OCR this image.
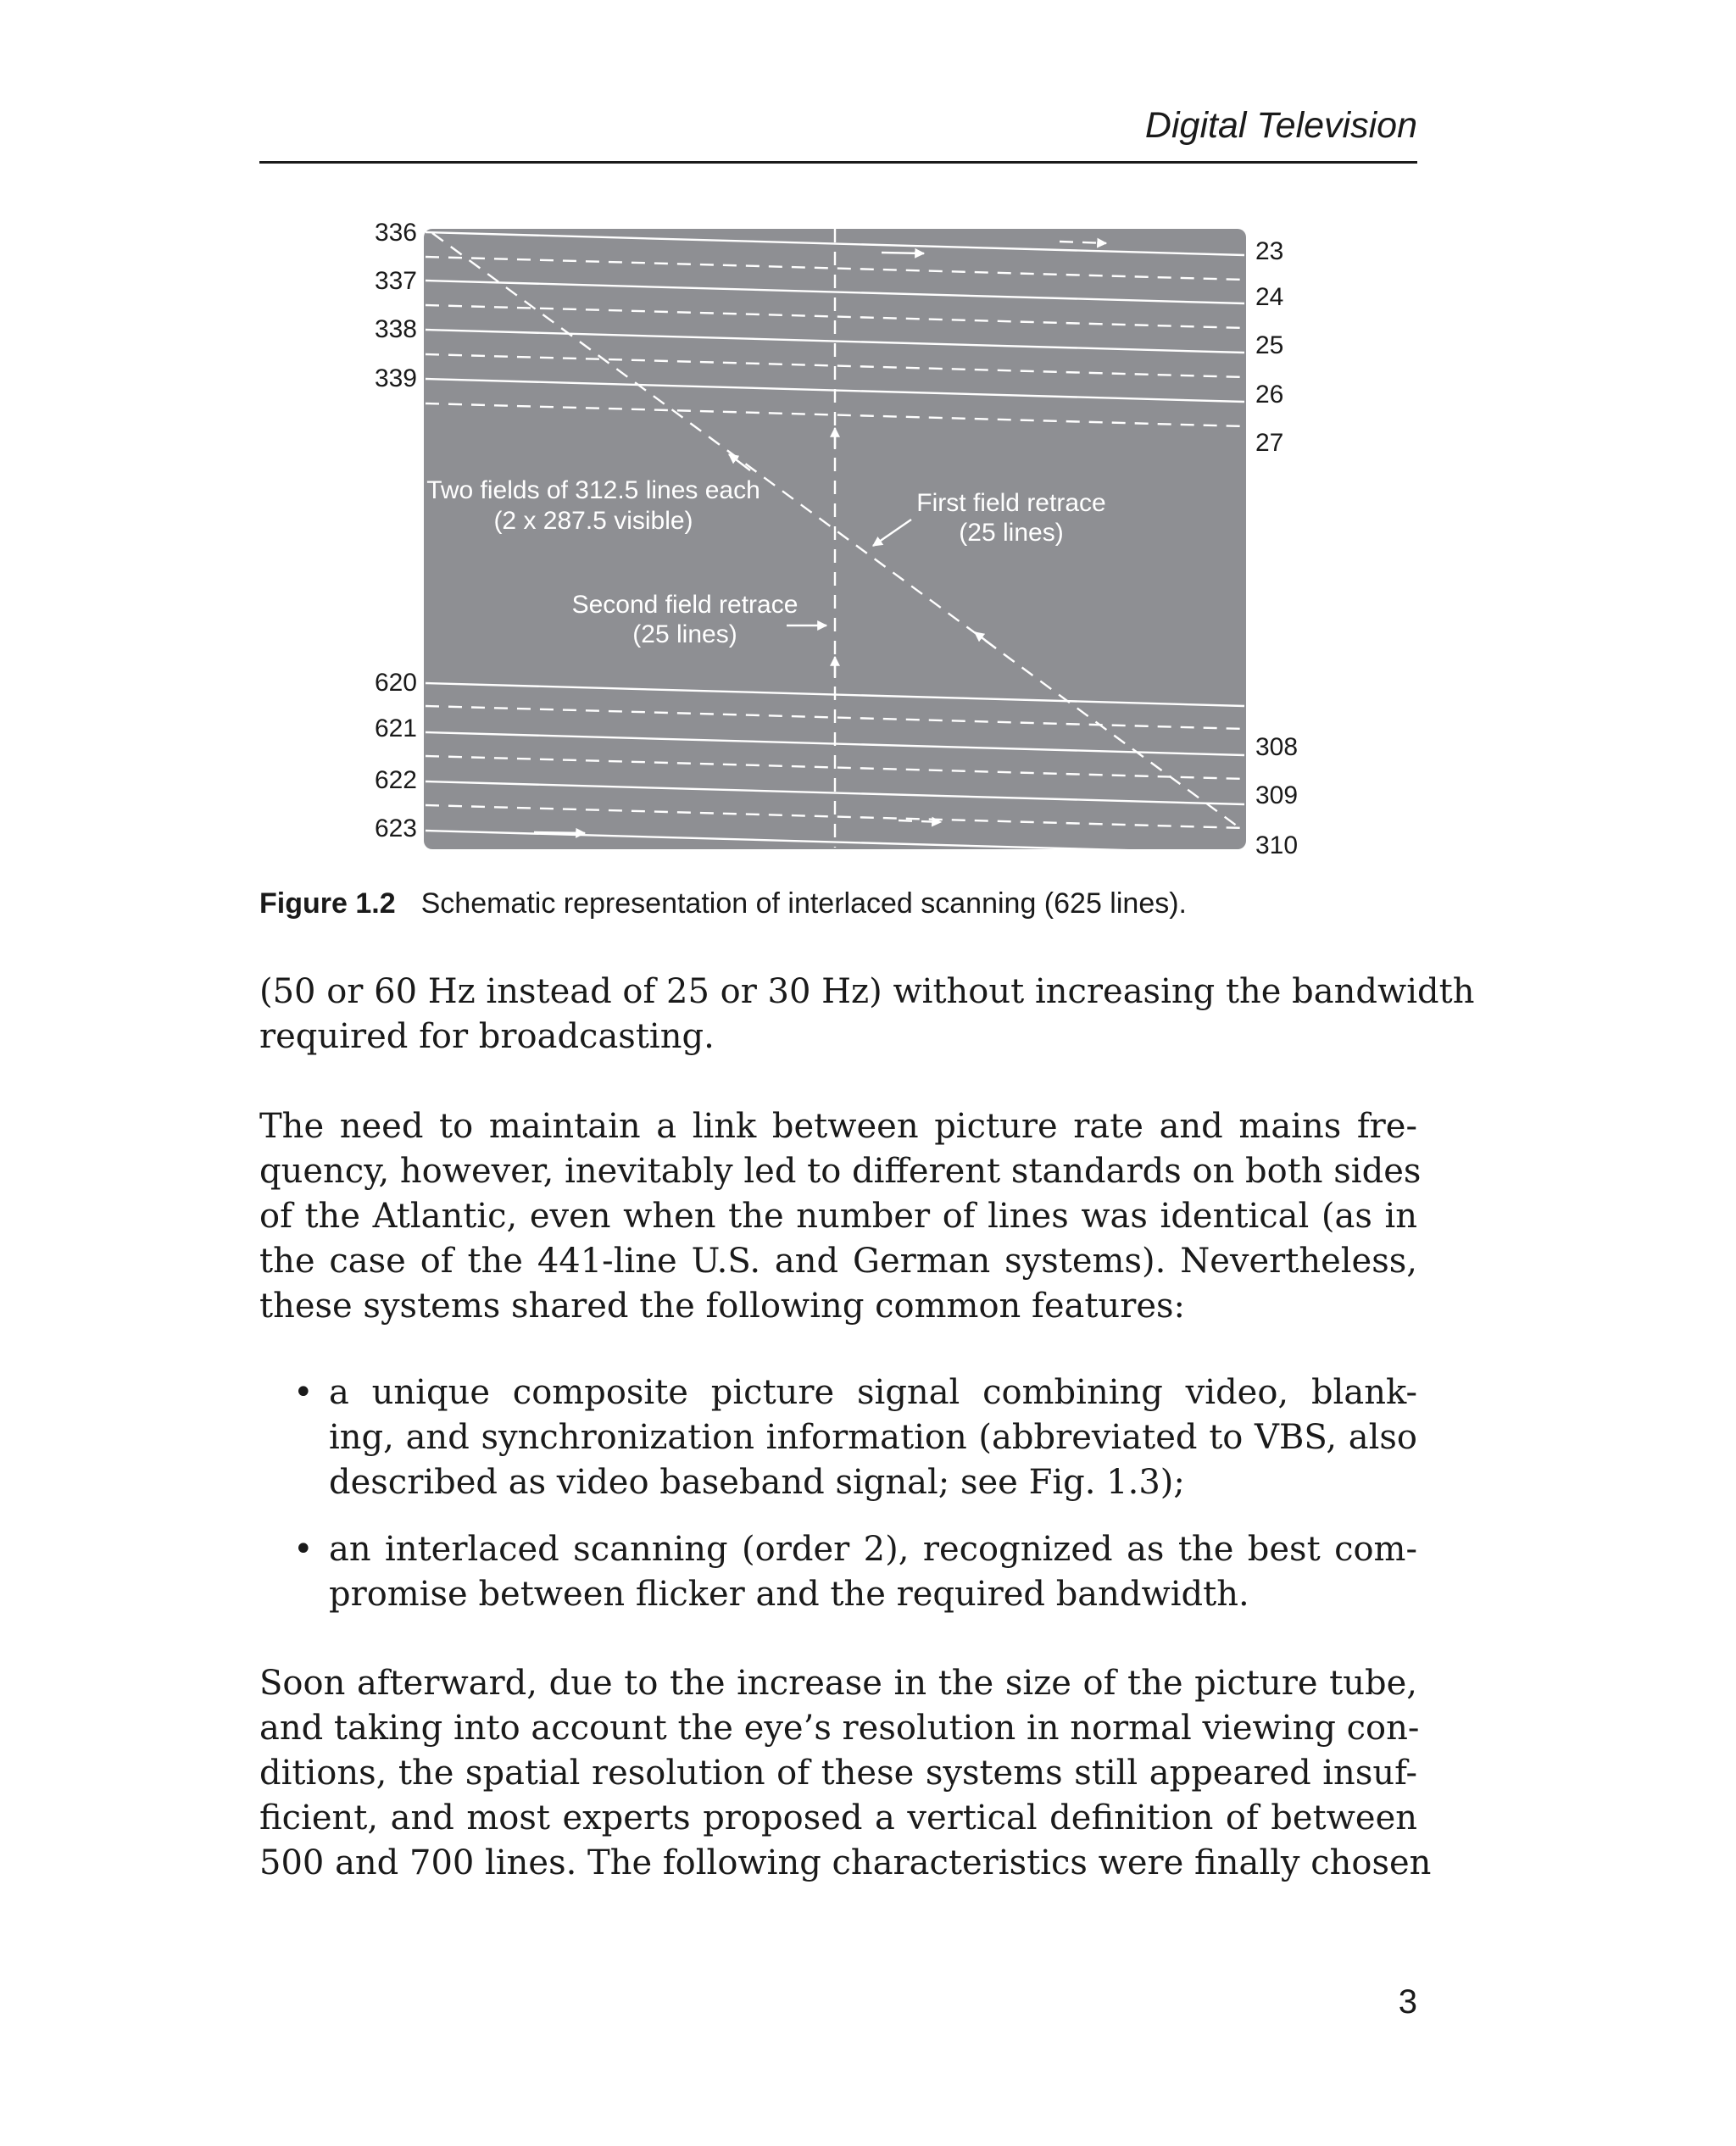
Digital Television
336
337
338
339
620
621
622
623
23
24
25
26
27
308
309
310
Two fields of 312.5 lines each
(2 x 287.5 visible)
First field retrace
(25 lines)
Second field retrace
(25 lines)
Figure 1.2 Schematic representation of interlaced scanning (625 lines).
(50 or 60 Hz instead of 25 or 30 Hz) without increasing the bandwidth
required for broadcasting.
The need to maintain a link between picture rate and mains fre-
quency, however, inevitably led to different standards on both sides
of the Atlantic, even when the number of lines was identical (as in
the case of the 441-line U.S. and German systems). Nevertheless,
these systems shared the following common features:
• a unique composite picture signal combining video, blank-
ing, and synchronization information (abbreviated to VBS, also
described as video baseband signal; see Fig. 1.3);
• an interlaced scanning (order 2), recognized as the best com-
promise between flicker and the required bandwidth.
Soon afterward, due to the increase in the size of the picture tube,
and taking into account the eye’s resolution in normal viewing con-
ditions, the spatial resolution of these systems still appeared insuf-
ficient, and most experts proposed a vertical definition of between
500 and 700 lines. The following characteristics were finally chosen
3
